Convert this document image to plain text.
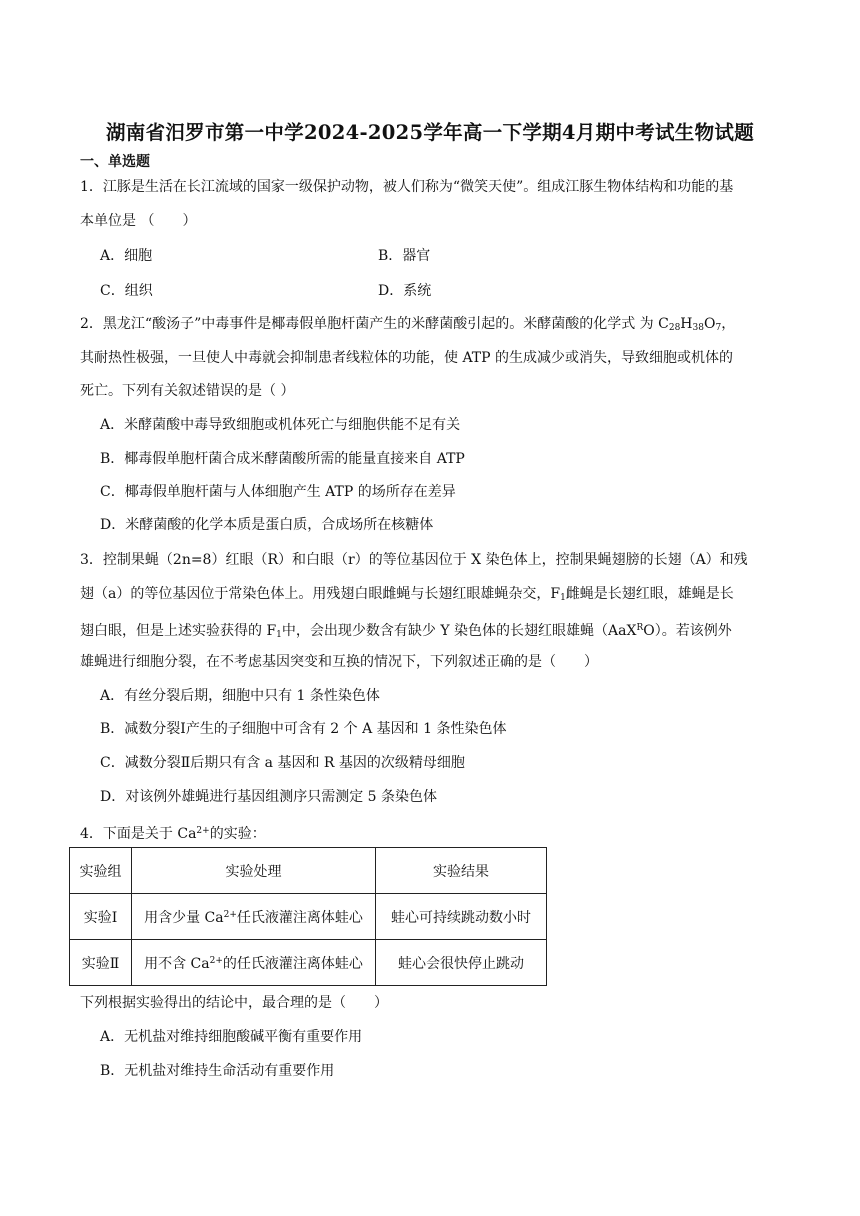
湖南省汨罗市第一中学2024-2025学年高一下学期4月期中考试生物试题
一、单选题
1．江豚是生活在长江流域的国家一级保护动物，被人们称为“微笑天使”。组成江豚生物体结构和功能的基
本单位是 （　　）
A．细胞	B．器官
C．组织	D．系统
2．黑龙江“酸汤子”中毒事件是椰毒假单胞杆菌产生的米酵菌酸引起的。米酵菌酸的化学式 为 $C_{28}H_{38}O_7$，
其耐热性极强，一旦使人中毒就会抑制患者线粒体的功能，使 ATP 的生成减少或消失，导致细胞或机体的
死亡。下列有关叙述错误的是（ ）
A．米酵菌酸中毒导致细胞或机体死亡与细胞供能不足有关
B．椰毒假单胞杆菌合成米酵菌酸所需的能量直接来自 ATP
C．椰毒假单胞杆菌与人体细胞产生 ATP 的场所存在差异
D．米酵菌酸的化学本质是蛋白质，合成场所在核糖体
3．控制果蝇（2n=8）红眼（R）和白眼（r）的等位基因位于 X 染色体上，控制果蝇翅膀的长翅（A）和残
翅（a）的等位基因位于常染色体上。用残翅白眼雌蝇与长翅红眼雄蝇杂交，$F_1$雌蝇是长翅红眼，雄蝇是长
翅白眼，但是上述实验获得的 $F_1$中，会出现少数含有缺少 Y 染色体的长翅红眼雄蝇（AaX$^R$O）。若该例外
雄蝇进行细胞分裂，在不考虑基因突变和互换的情况下，下列叙述正确的是（　　）
A．有丝分裂后期，细胞中只有 1 条性染色体
B．减数分裂Ⅰ产生的子细胞中可含有 2 个 A 基因和 1 条性染色体
C．减数分裂Ⅱ后期只有含 a 基因和 R 基因的次级精母细胞
D．对该例外雄蝇进行基因组测序只需测定 5 条染色体
4．下面是关于 $Ca^{2+}$的实验：
实验组	实验处理	实验结果
实验Ⅰ	用含少量 $Ca^{2+}$任氏液灌注离体蛙心	蛙心可持续跳动数小时
实验Ⅱ	用不含 $Ca^{2+}$的任氏液灌注离体蛙心	蛙心会很快停止跳动
下列根据实验得出的结论中，最合理的是（　　）
A．无机盐对维持细胞酸碱平衡有重要作用
B．无机盐对维持生命活动有重要作用
